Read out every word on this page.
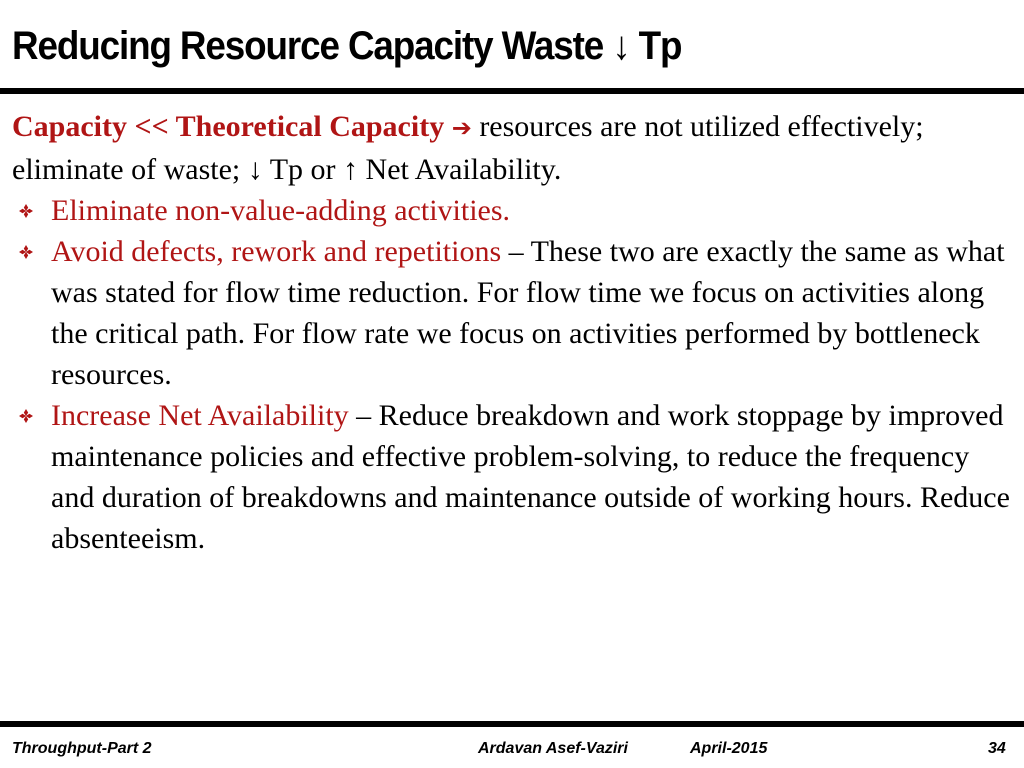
Reducing Resource Capacity Waste ↓ Tp

Capacity << Theoretical Capacity ➔ resources are not utilized effectively; eliminate of waste; ↓ Tp or ↑ Net Availability.

Eliminate non-value-adding activities.

Avoid defects, rework and repetitions – These two are exactly the same as what was stated for flow time reduction. For flow time we focus on activities along the critical path. For flow rate we focus on activities performed by bottleneck resources.

Increase Net Availability – Reduce breakdown and work stoppage by improved maintenance policies and effective problem-solving, to reduce the frequency and duration of breakdowns and maintenance outside of working hours. Reduce absenteeism.

Throughput-Part 2	Ardavan Asef-Vaziri	April-2015	34
